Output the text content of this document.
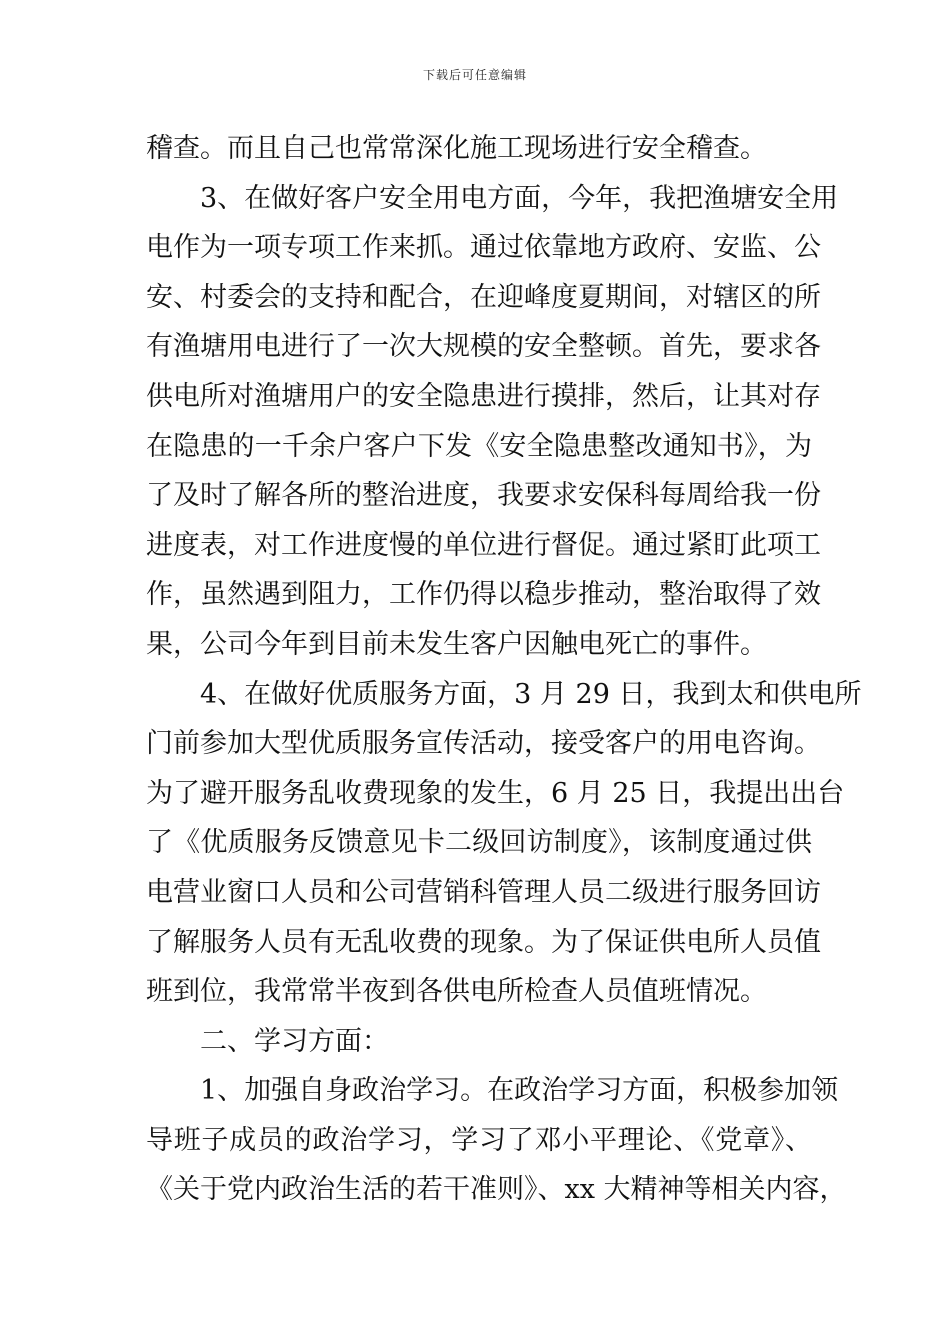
下载后可任意编辑
稽查。而且自己也常常深化施工现场进行安全稽查。
3、在做好客户安全用电方面，今年，我把渔塘安全用
电作为一项专项工作来抓。通过依靠地方政府、安监、公
安、村委会的支持和配合，在迎峰度夏期间，对辖区的所
有渔塘用电进行了一次大规模的安全整顿。首先，要求各
供电所对渔塘用户的安全隐患进行摸排，然后，让其对存
在隐患的一千余户客户下发《安全隐患整改通知书》，为
了及时了解各所的整治进度，我要求安保科每周给我一份
进度表，对工作进度慢的单位进行督促。通过紧盯此项工
作，虽然遇到阻力，工作仍得以稳步推动，整治取得了效
果，公司今年到目前未发生客户因触电死亡的事件。
4、在做好优质服务方面，3 月 29 日，我到太和供电所
门前参加大型优质服务宣传活动，接受客户的用电咨询。
为了避开服务乱收费现象的发生，6 月 25 日，我提出出台
了《优质服务反馈意见卡二级回访制度》，该制度通过供
电营业窗口人员和公司营销科管理人员二级进行服务回访
了解服务人员有无乱收费的现象。为了保证供电所人员值
班到位，我常常半夜到各供电所检查人员值班情况。
二、学习方面：
1、加强自身政治学习。在政治学习方面，积极参加领
导班子成员的政治学习，学习了邓小平理论、《党章》、
《关于党内政治生活的若干准则》、xx 大精神等相关内容，
